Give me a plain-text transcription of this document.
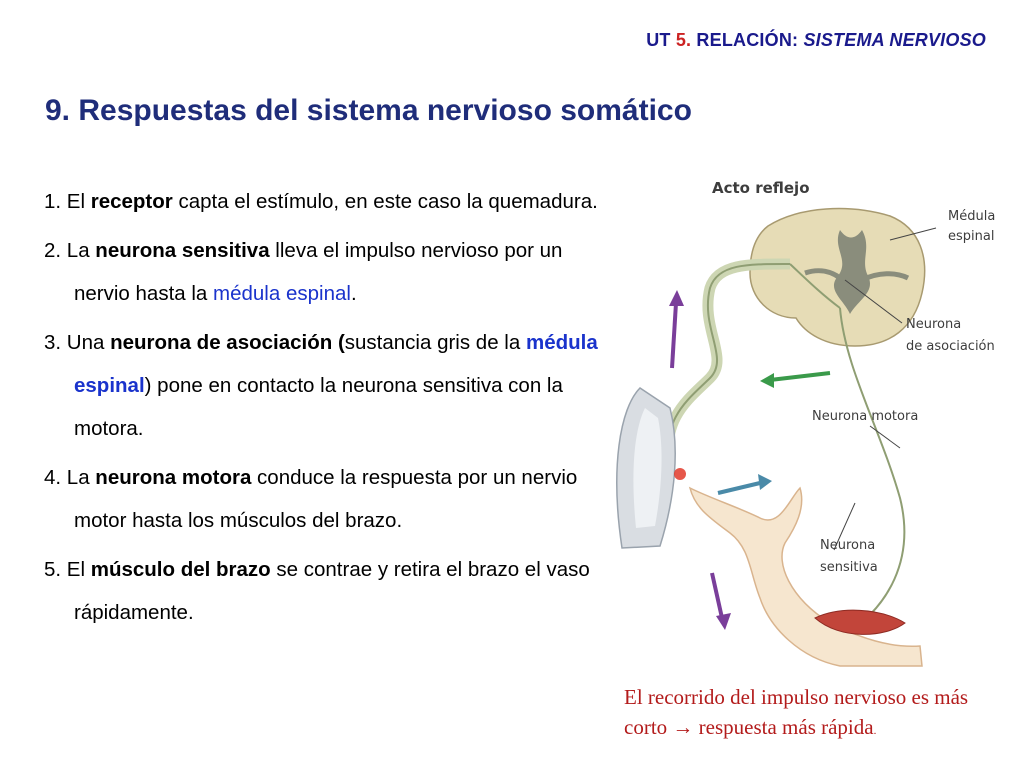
UT 5. RELACIÓN: SISTEMA NERVIOSO
9. Respuestas del sistema nervioso somático

1. El receptor capta el estímulo, en este caso la quemadura.

2. La neurona sensitiva lleva el impulso nervioso por un nervio hasta la médula espinal.

3. Una neurona de asociación (sustancia gris de la médula espinal) pone en contacto la neurona sensitiva con la motora.

4. La neurona motora conduce la respuesta por un nervio motor hasta los músculos del brazo.

5. El músculo del brazo se contrae y retira el brazo el vaso rápidamente.

Acto reflejo
Médula
espinal
Neurona
de asociación
Neurona motora
Neurona
sensitiva
El recorrido del impulso nervioso es más corto → respuesta más rápida.
